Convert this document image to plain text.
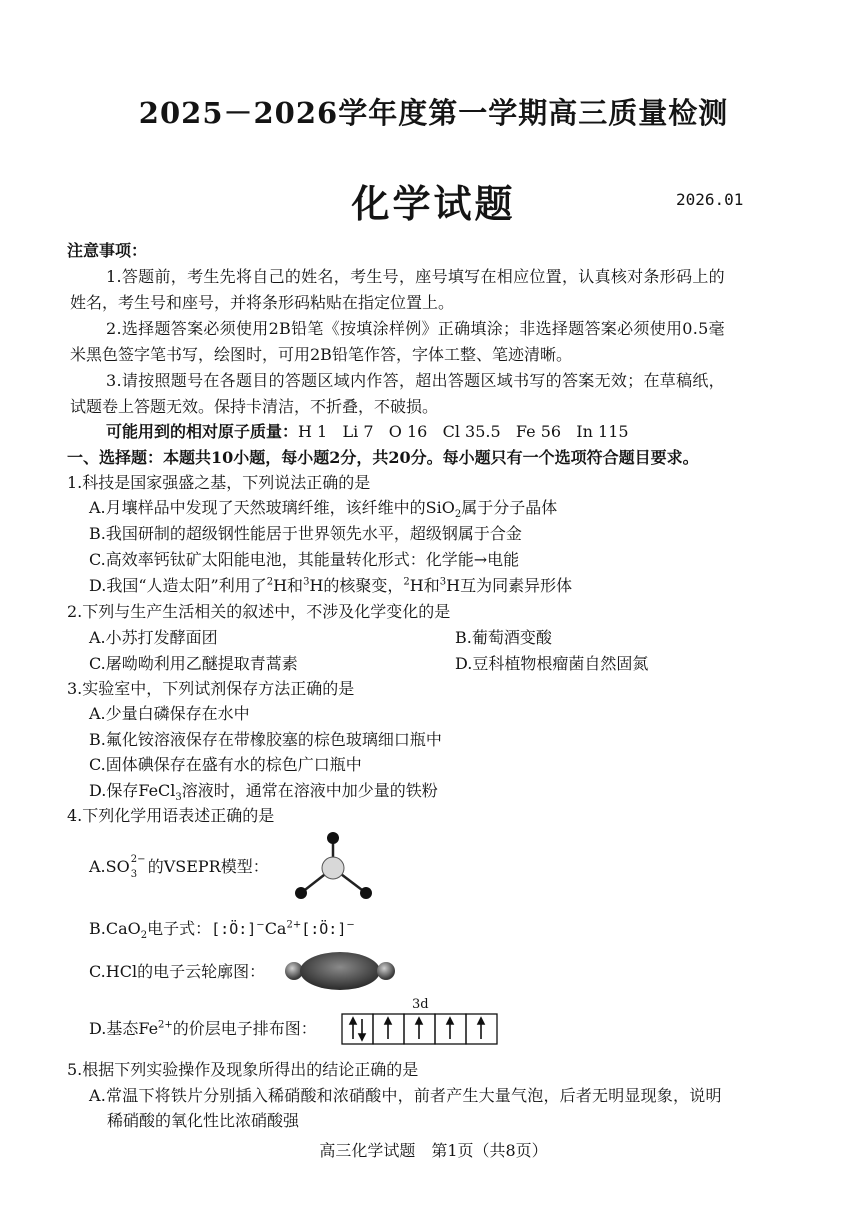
2025－2026学年度第一学期高三质量检测
化学试题	2026.01
注意事项：
1.答题前，考生先将自己的姓名，考生号，座号填写在相应位置，认真核对条形码上的
姓名，考生号和座号，并将条形码粘贴在指定位置上。
2.选择题答案必须使用2B铅笔《按填涂样例》正确填涂；非选择题答案必须使用0.5毫
米黑色签字笔书写，绘图时，可用2B铅笔作答，字体工整、笔迹清晰。
3.请按照题号在各题目的答题区域内作答，超出答题区域书写的答案无效；在草稿纸，
试题卷上答题无效。保持卡清洁，不折叠，不破损。
可能用到的相对原子质量：H 1   Li 7   O 16   Cl 35.5   Fe 56   In 115
一、选择题：本题共10小题，每小题2分，共20分。每小题只有一个选项符合题目要求。
1.科技是国家强盛之基，下列说法正确的是
A.月壤样品中发现了天然玻璃纤维，该纤维中的SiO$_2$属于分子晶体
B.我国研制的超级钢性能居于世界领先水平，超级钢属于合金
C.高效率钙钛矿太阳能电池，其能量转化形式：化学能→电能
D.我国“人造太阳”利用了$^2$H和$^3$H的核聚变，$^2$H和$^3$H互为同素异形体
2.下列与生产生活相关的叙述中，不涉及化学变化的是
A.小苏打发酵面团	B.葡萄酒变酸
C.屠呦呦利用乙醚提取青蒿素	D.豆科植物根瘤菌自然固氮
3.实验室中，下列试剂保存方法正确的是
A.少量白磷保存在水中
B.氟化铵溶液保存在带橡胶塞的棕色玻璃细口瓶中
C.固体碘保存在盛有水的棕色广口瓶中
D.保存FeCl$_3$溶液时，通常在溶液中加少量的铁粉
4.下列化学用语表述正确的是
A.SO 2−
3 的VSEPR模型：
B.CaO$_2$电子式：$[:Ö:]^-Ca^{2+}[:Ö:]^-$
C.HCl的电子云轮廓图：
D.基态$Fe^{2+}$的价层电子排布图：
3d
5.根据下列实验操作及现象所得出的结论正确的是
A.常温下将铁片分别插入稀硝酸和浓硝酸中，前者产生大量气泡，后者无明显现象，说明
稀硝酸的氧化性比浓硝酸强
高三化学试题　第1页（共8页）
